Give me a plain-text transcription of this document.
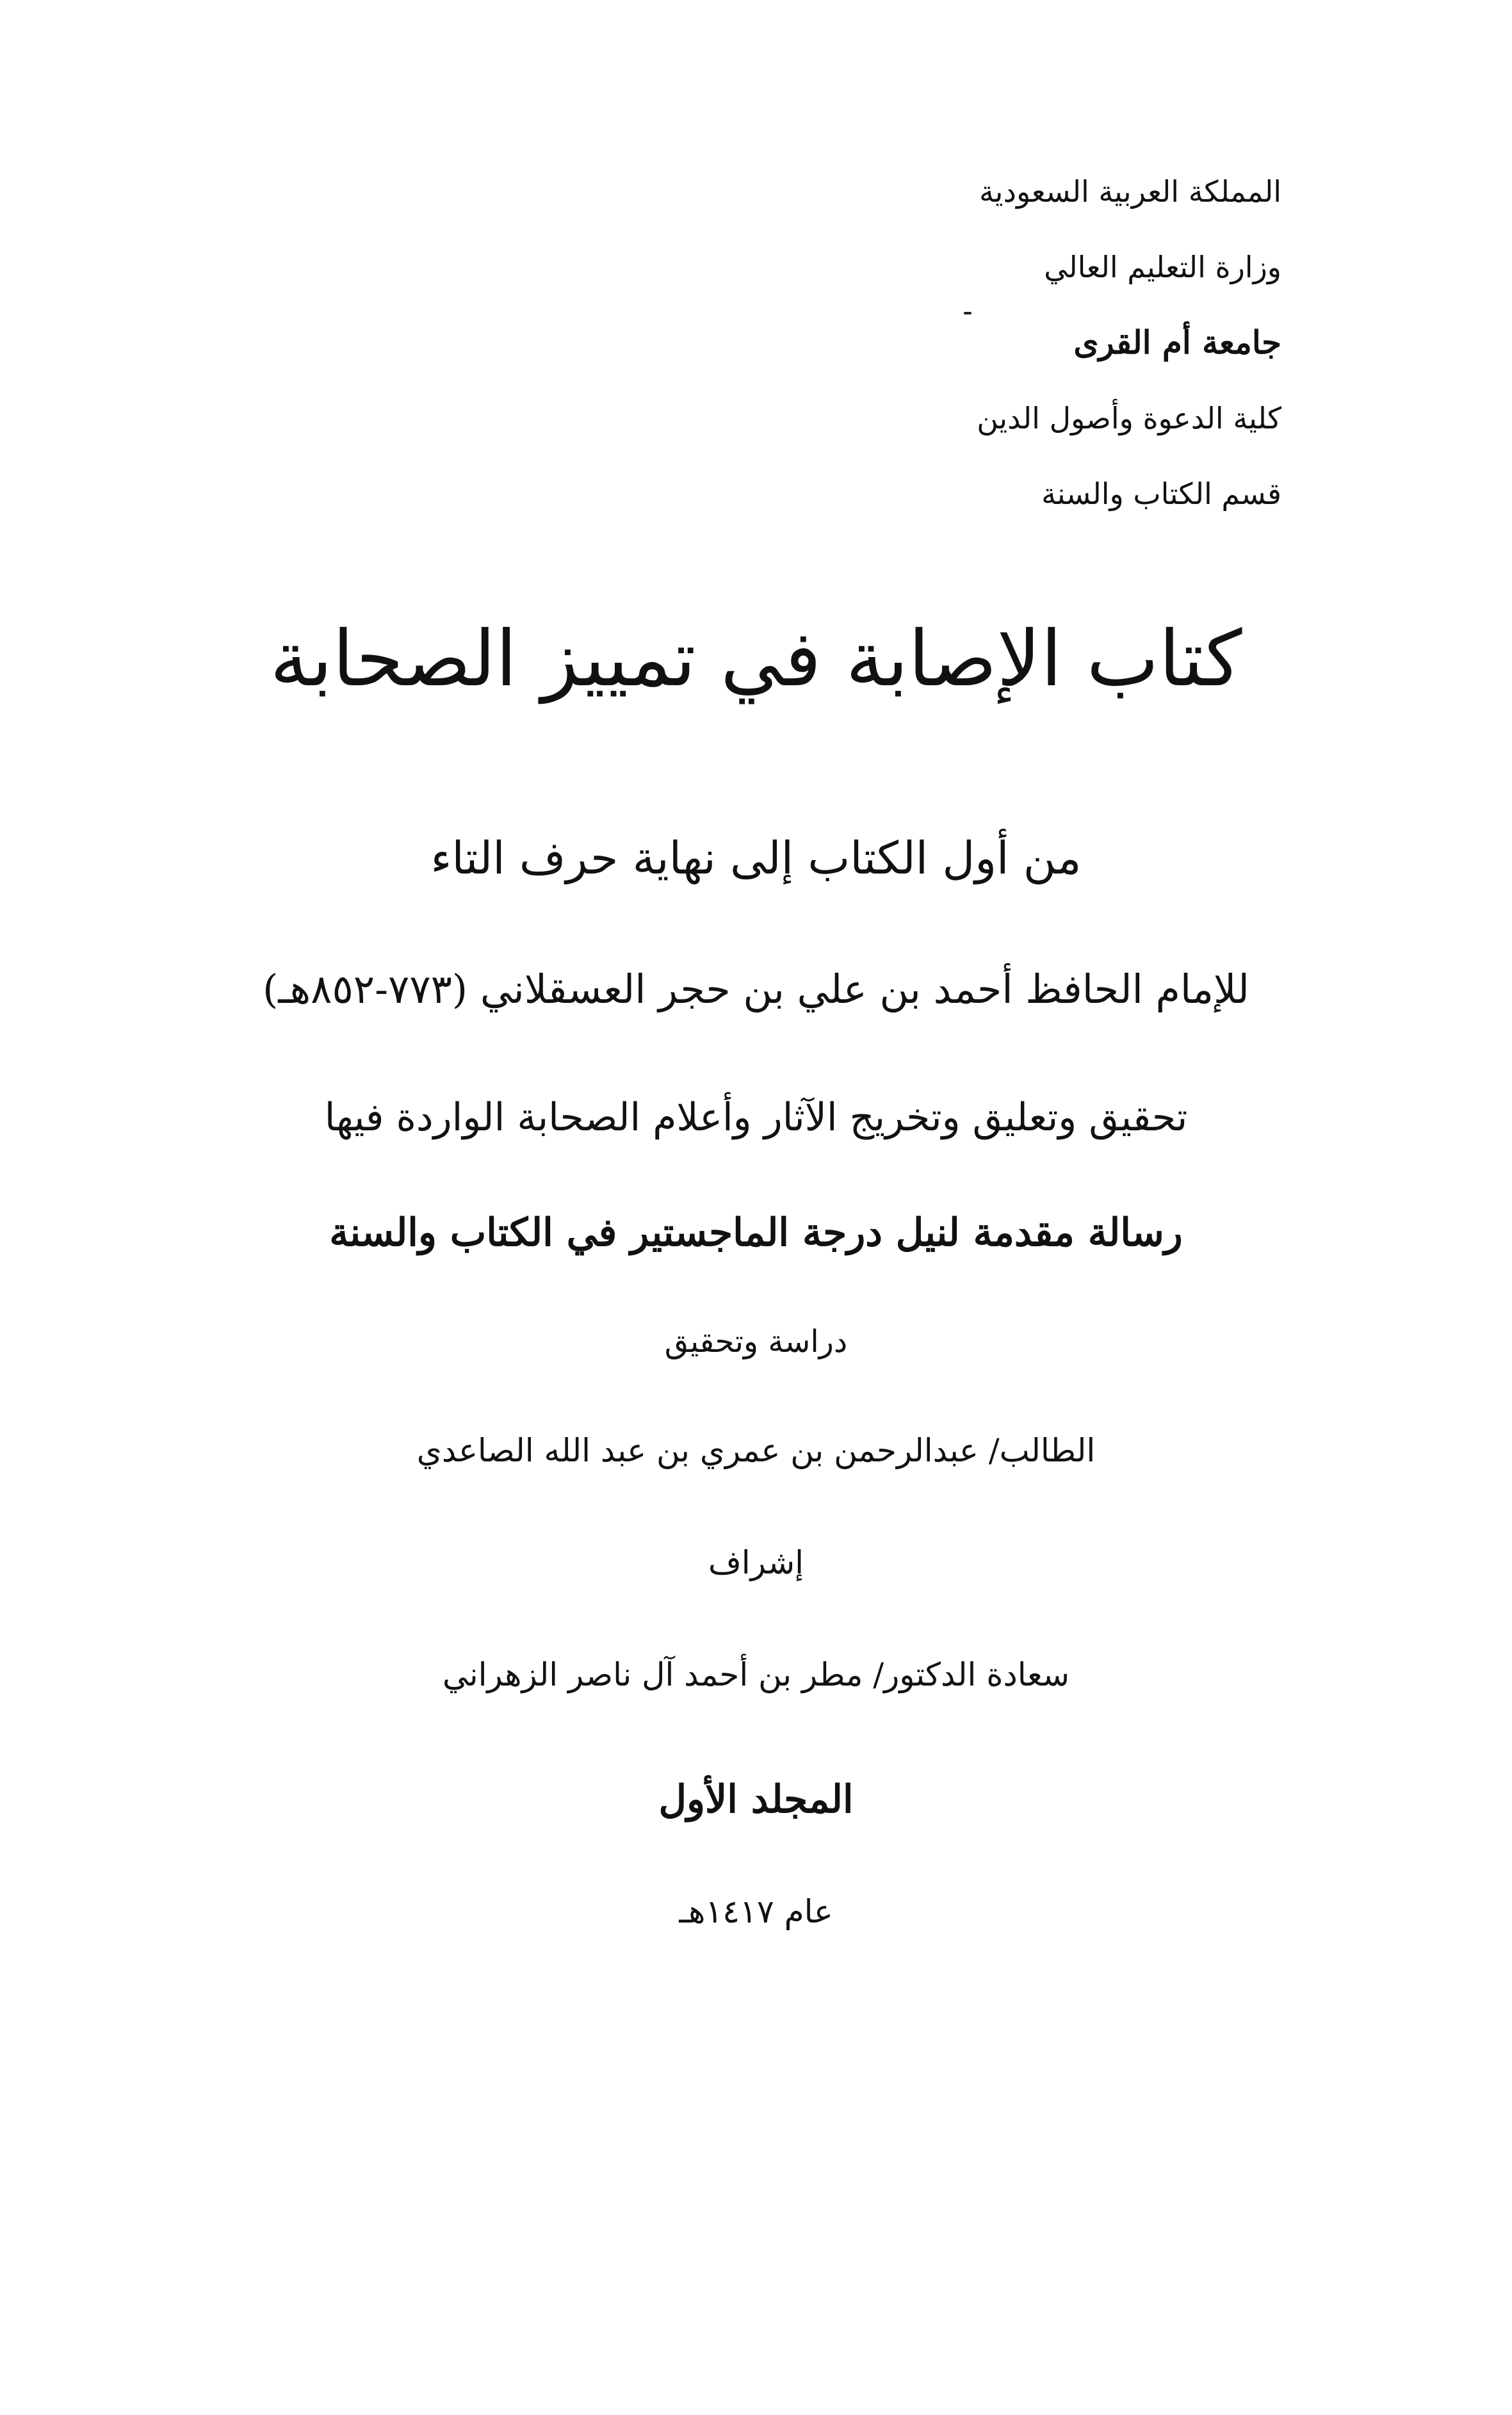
المملكة العربية السعودية
وزارة التعليم العالي
جامعة أم القرى
كلية الدعوة وأصول الدين
قسم الكتاب والسنة
كتاب الإصابة في تمييز الصحابة
من أول الكتاب إلى نهاية حرف التاء
للإمام الحافظ أحمد بن علي بن حجر العسقلاني (٧٧٣-٨٥٢هـ)
تحقيق وتعليق وتخريج الآثار وأعلام الصحابة الواردة فيها
رسالة مقدمة لنيل درجة الماجستير في الكتاب والسنة
دراسة وتحقيق
الطالب/ عبدالرحمن بن عمري بن عبد الله الصاعدي
إشراف
سعادة الدكتور/ مطر بن أحمد آل ناصر الزهراني
المجلد الأول
عام ١٤١٧هـ
